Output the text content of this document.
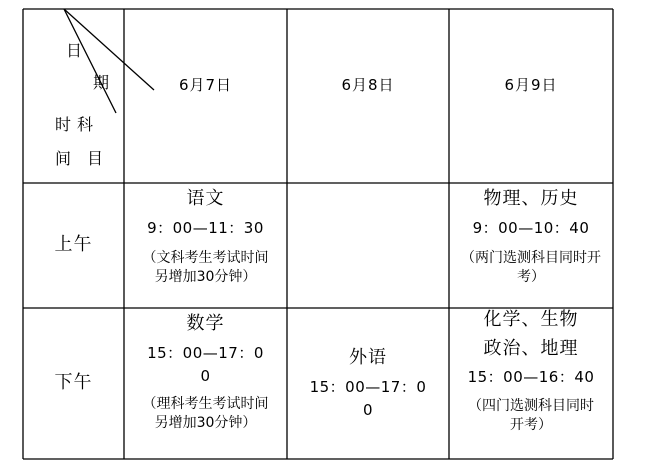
日
期
时科
间　目
6月7日	6月8日	6月9日
上午
语文
9：00—11：30
（文科考生考试时间
另增加30分钟）
物理、历史
9：00—10：40
（两门选测科目同时开
考）
下午
数学
15：00—17：0
0
（理科考生考试时间
另增加30分钟）
外语
15：00—17：0
0
化学、生物
政治、地理
15：00—16：40
（四门选测科目同时
开考）
